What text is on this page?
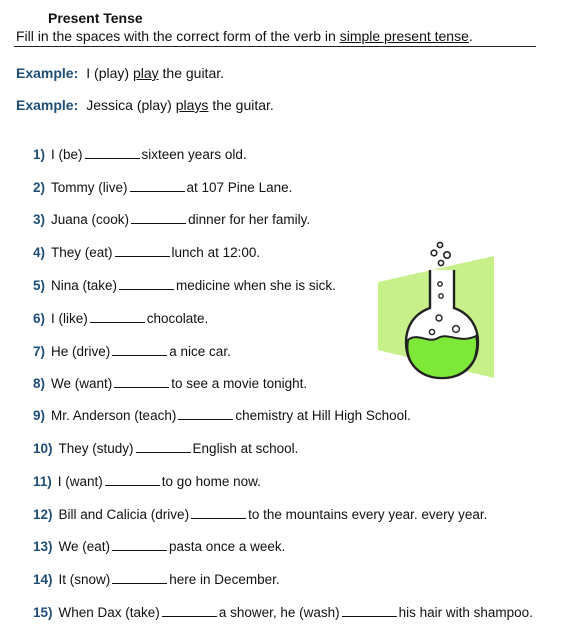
Present Tense
Fill in the spaces with the correct form of the verb in simple present tense.
Example: I (play) play the guitar.
Example: Jessica (play) plays the guitar.
1) I (be)	sixteen years old.
2) Tommy (live)	at 107 Pine Lane.
3) Juana (cook)	dinner for her family.
4) They (eat)	lunch at 12:00.
5) Nina (take)	medicine when she is sick.
6) I (like)	chocolate.
7) He (drive)	a nice car.
8) We (want)	to see a movie tonight.
9) Mr. Anderson (teach)	chemistry at Hill High School.
10) They (study)	English at school.
11) I (want)	to go home now.
12) Bill and Calicia (drive)	to the mountains every year. every year.
13) We (eat)	pasta once a week.
14) It (snow)	here in December.
15) When Dax (take)	a shower, he (wash)	his hair with shampoo.
